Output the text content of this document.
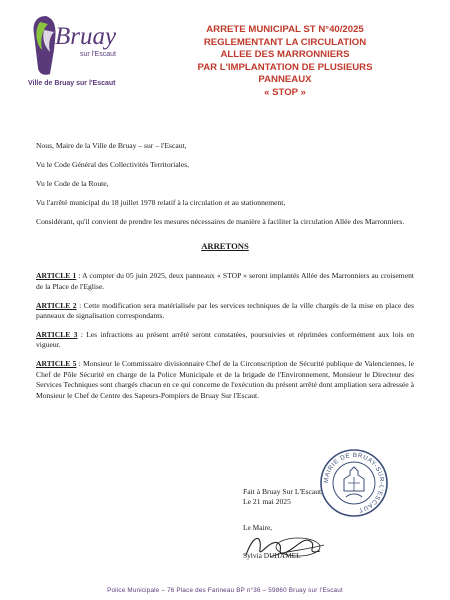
Bruay
sur l'Escaut
Ville de Bruay sur l'Escaut
ARRETE MUNICIPAL ST N°40/2025
REGLEMENTANT LA CIRCULATION
ALLEE DES MARRONNIERS
PAR L'IMPLANTATION DE PLUSIEURS
PANNEAUX
« STOP »

Nous, Maire de la Ville de Bruay – sur – l'Escaut,

Vu le Code Général des Collectivités Territoriales,

Vu le Code de la Route,

Vu l'arrêté municipal du 18 juillet 1978 relatif à la circulation et au stationnement,

Considérant, qu'il convient de prendre les mesures nécessaires de manière à faciliter la circulation Allée des Marronniers.

ARRETONS

ARTICLE 1 : A compter du 05 juin 2025, deux panneaux « STOP » seront implantés Allée des Marronniers au croisement de la Place de l'Eglise.

ARTICLE 2 : Cette modification sera matérialisée par les services techniques de la ville chargés de la mise en place des panneaux de signalisation correspondants.

ARTICLE 3 : Les infractions au présent arrêté seront constatées, poursuivies et réprimées conformément aux lois en vigueur.

ARTICLE 5 : Monsieur le Commissaire divisionnaire Chef de la Circonscription de Sécurité publique de Valenciennes, le Chef de Pôle Sécurité en charge de la Police Municipale et de la brigade de l'Environnement, Monsieur le Directeur des Services Techniques sont chargés chacun en ce qui concerne de l'exécution du présent arrêté dont ampliation sera adressée à Monsieur le Chef de Centre des Sapeurs-Pompiers de Bruay Sur l'Escaut.

Fait à Bruay Sur L'Escaut,
Le 21 mai 2025
Le Maire,
Sylvia DUHAMEL
MAIRIE DE BRUAY-SUR-L'ESCAUT
Police Municipale – 76 Place des Farineau BP n°36 – 59860 Bruay sur l'Escaut
